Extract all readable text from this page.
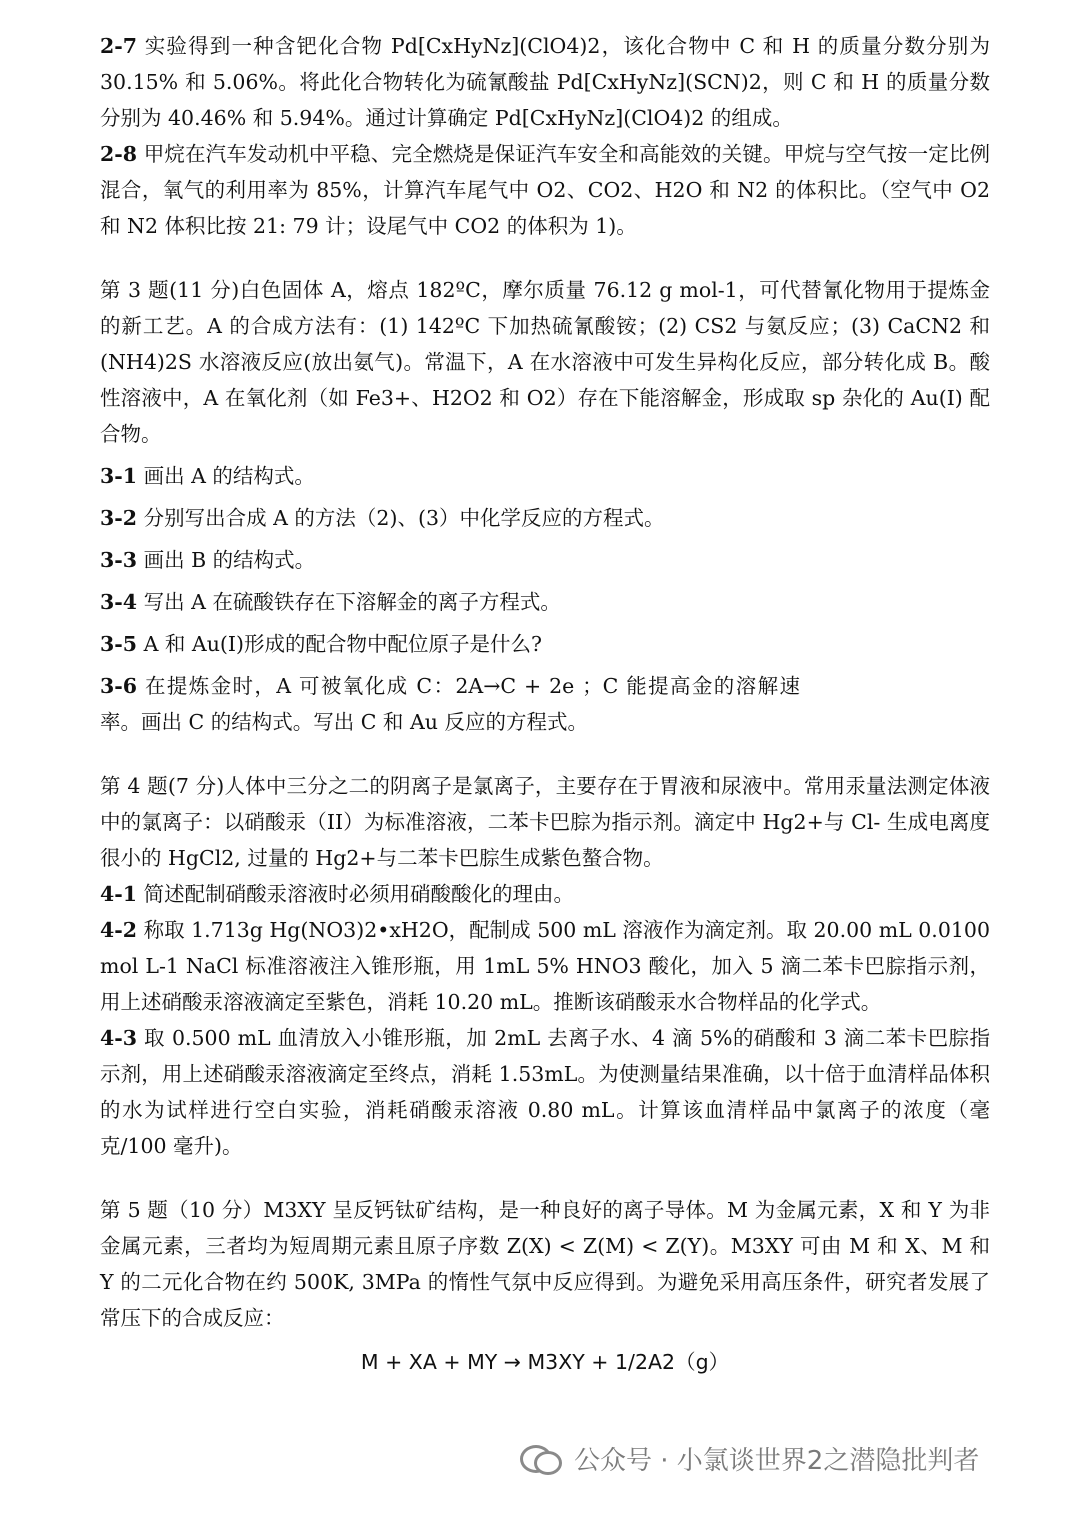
2-7 实验得到一种含钯化合物 Pd[CxHyNz](ClO4)2，该化合物中 C 和 H 的质量分数分别为 30.15% 和 5.06%。将此化合物转化为硫氰酸盐 Pd[CxHyNz](SCN)2，则 C 和 H 的质量分数分别为 40.46% 和 5.94%。通过计算确定 Pd[CxHyNz](ClO4)2 的组成。

2-8 甲烷在汽车发动机中平稳、完全燃烧是保证汽车安全和高能效的关键。甲烷与空气按一定比例混合，氧气的利用率为 85%，计算汽车尾气中 O2、CO2、H2O 和 N2 的体积比。（空气中 O2 和 N2 体积比按 21: 79 计；设尾气中 CO2 的体积为 1)。

第 3 题(11 分)白色固体 A，熔点 182ºC，摩尔质量 76.12 g mol-1，可代替氰化物用于提炼金的新工艺。A 的合成方法有：(1) 142ºC 下加热硫氰酸铵；(2) CS2 与氨反应；(3) CaCN2 和(NH4)2S 水溶液反应(放出氨气)。常温下，A 在水溶液中可发生异构化反应，部分转化成 B。酸性溶液中，A 在氧化剂（如 Fe3+、H2O2 和 O2）存在下能溶解金，形成取 sp 杂化的 Au(I) 配合物。

3-1 画出 A 的结构式。

3-2 分别写出合成 A 的方法（2)、(3）中化学反应的方程式。

3-3 画出 B 的结构式。

3-4 写出 A 在硫酸铁存在下溶解金的离子方程式。

3-5 A 和 Au(I)形成的配合物中配位原子是什么?

3-6 在提炼金时，A 可被氧化成 C：2A→C + 2e ；C 能提高金的溶解速率。画出 C 的结构式。写出 C 和 Au 反应的方程式。

第 4 题(7 分)人体中三分之二的阴离子是氯离子，主要存在于胃液和尿液中。常用汞量法测定体液中的氯离子：以硝酸汞（II）为标准溶液，二苯卡巴腙为指示剂。滴定中 Hg2+与 Cl- 生成电离度很小的 HgCl2, 过量的 Hg2+与二苯卡巴腙生成紫色螯合物。

4-1 简述配制硝酸汞溶液时必须用硝酸酸化的理由。

4-2 称取 1.713g Hg(NO3)2•xH2O，配制成 500 mL 溶液作为滴定剂。取 20.00 mL 0.0100 mol L-1 NaCl 标准溶液注入锥形瓶，用 1mL 5% HNO3 酸化，加入 5 滴二苯卡巴腙指示剂，用上述硝酸汞溶液滴定至紫色，消耗 10.20 mL。推断该硝酸汞水合物样品的化学式。

4-3 取 0.500 mL 血清放入小锥形瓶，加 2mL 去离子水、4 滴 5%的硝酸和 3 滴二苯卡巴腙指示剂，用上述硝酸汞溶液滴定至终点，消耗 1.53mL。为使测量结果准确，以十倍于血清样品体积的水为试样进行空白实验，消耗硝酸汞溶液 0.80 mL。计算该血清样品中氯离子的浓度（毫克/100 毫升)。

第 5 题（10 分）M3XY 呈反钙钛矿结构，是一种良好的离子导体。M 为金属元素，X 和 Y 为非金属元素，三者均为短周期元素且原子序数 Z(X) < Z(M) < Z(Y)。M3XY 可由 M 和 X、M 和 Y 的二元化合物在约 500K, 3MPa 的惰性气氛中反应得到。为避免采用高压条件，研究者发展了常压下的合成反应：

M + XA + MY → M3XY + 1/2A2（g）
公众号 · 小氯谈世界2之潜隐批判者
